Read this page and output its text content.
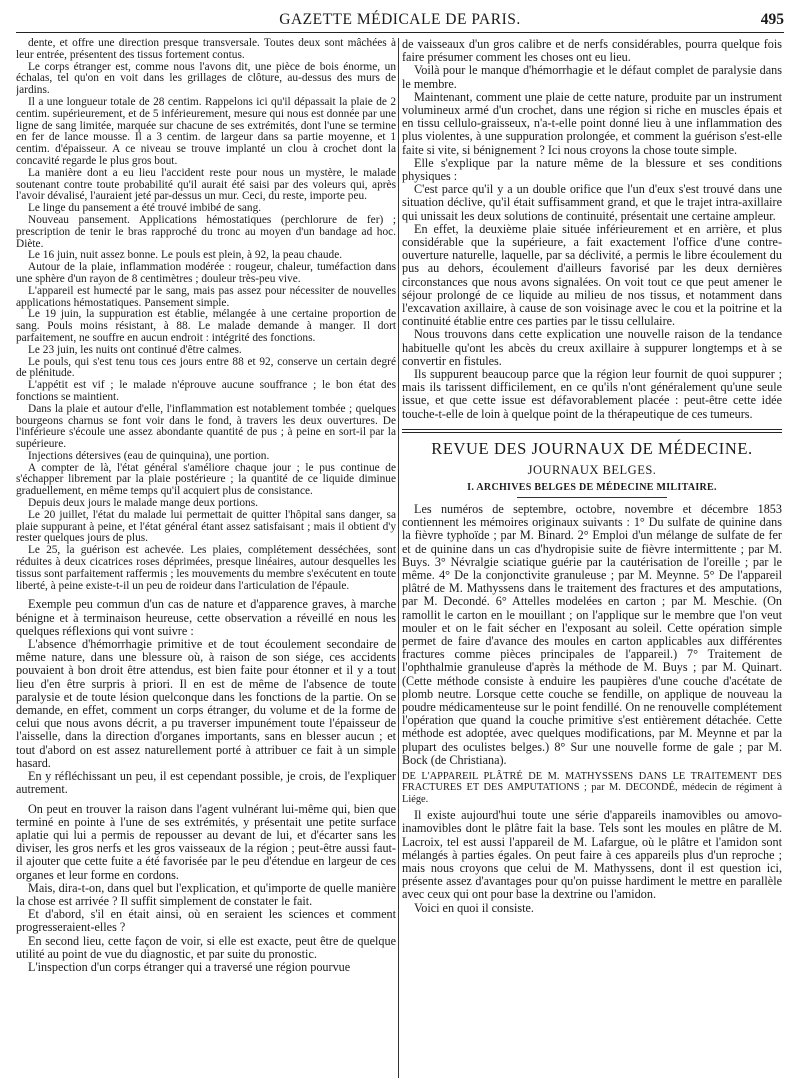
GAZETTE MÉDICALE DE PARIS.	495

dente, et offre une direction presque transversale. Toutes deux sont mâchées à leur entrée, présentent des tissus fortement contus.

Le corps étranger est, comme nous l'avons dit, une pièce de bois énorme, un échalas, tel qu'on en voit dans les grillages de clôture, au-dessus des murs de jardins.

Il a une longueur totale de 28 centim. Rappelons ici qu'il dépassait la plaie de 2 centim. supérieurement, et de 5 inférieurement, mesure qui nous est donnée par une ligne de sang limitée, marquée sur chacune de ses extrémités, dont l'une se termine en fer de lance mousse. Il a 3 centim. de largeur dans sa partie moyenne, et 1 centim. d'épaisseur. A ce niveau se trouve implanté un clou à crochet dont la concavité regarde le plus gros bout.

La manière dont a eu lieu l'accident reste pour nous un mystère, le malade soutenant contre toute probabilité qu'il aurait été saisi par des voleurs qui, après l'avoir dévalisé, l'auraient jeté par-dessus un mur. Ceci, du reste, importe peu.

Le linge du pansement a été trouvé imbibé de sang.

Nouveau pansement. Applications hémostatiques (perchlorure de fer) ; prescription de tenir le bras rapproché du tronc au moyen d'un bandage ad hoc. Diète.

Le 16 juin, nuit assez bonne. Le pouls est plein, à 92, la peau chaude.

Autour de la plaie, inflammation modérée : rougeur, chaleur, tuméfaction dans une sphère d'un rayon de 8 centimètres ; douleur très-peu vive.

L'appareil est humecté par le sang, mais pas assez pour nécessiter de nouvelles applications hémostatiques. Pansement simple.

Le 19 juin, la suppuration est établie, mélangée à une certaine proportion de sang. Pouls moins résistant, à 88. Le malade demande à manger. Il dort parfaitement, ne souffre en aucun endroit : intégrité des fonctions.

Le 23 juin, les nuits ont continué d'être calmes.

Le pouls, qui s'est tenu tous ces jours entre 88 et 92, conserve un certain degré de plénitude.

L'appétit est vif ; le malade n'éprouve aucune souffrance ; le bon état des fonctions se maintient.

Dans la plaie et autour d'elle, l'inflammation est notablement tombée ; quelques bourgeons charnus se font voir dans le fond, à travers les deux ouvertures. De l'inférieure s'écoule une assez abondante quantité de pus ; à peine en sort-il par la supérieure.

Injections détersives (eau de quinquina), une portion.

A compter de là, l'état général s'améliore chaque jour ; le pus continue de s'échapper librement par la plaie postérieure ; la quantité de ce liquide diminue graduellement, en même temps qu'il acquiert plus de consistance.

Depuis deux jours le malade mange deux portions.

Le 20 juillet, l'état du malade lui permettait de quitter l'hôpital sans danger, sa plaie suppurant à peine, et l'état général étant assez satisfaisant ; mais il obtient d'y rester quelques jours de plus.

Le 25, la guérison est achevée. Les plaies, complétement desséchées, sont réduites à deux cicatrices roses déprimées, presque linéaires, autour desquelles les tissus sont parfaitement raffermis ; les mouvements du membre s'exécutent en toute liberté, à peine existe-t-il un peu de roideur dans l'articulation de l'épaule.

Exemple peu commun d'un cas de nature et d'apparence graves, à marche bénigne et à terminaison heureuse, cette observation a réveillé en nous les quelques réflexions qui vont suivre :

L'absence d'hémorrhagie primitive et de tout écoulement secondaire de même nature, dans une blessure où, à raison de son siége, ces accidents pouvaient à bon droit être attendus, est bien faite pour étonner et il y a tout lieu d'en être surpris à priori. Il en est de même de l'absence de toute paralysie et de toute lésion quelconque dans les fonctions de la partie. On se demande, en effet, comment un corps étranger, du volume et de la forme de celui que nous avons décrit, a pu traverser impunément toute l'épaisseur de l'aisselle, dans la direction d'organes importants, sans en blesser aucun ; et tout d'abord on est assez naturellement porté à attribuer ce fait à un simple hasard.

En y réfléchissant un peu, il est cependant possible, je crois, de l'expliquer autrement.

On peut en trouver la raison dans l'agent vulnérant lui-même qui, bien que terminé en pointe à l'une de ses extrémités, y présentait une petite surface aplatie qui lui a permis de repousser au devant de lui, et d'écarter sans les diviser, les gros nerfs et les gros vaisseaux de la région ; peut-être aussi faut-il ajouter que cette fuite a été favorisée par le peu d'étendue en largeur de ces organes et leur forme en cordons.

Mais, dira-t-on, dans quel but l'explication, et qu'importe de quelle manière la chose est arrivée ? Il suffit simplement de constater le fait.

Et d'abord, s'il en était ainsi, où en seraient les sciences et comment progresseraient-elles ?

En second lieu, cette façon de voir, si elle est exacte, peut être de quelque utilité au point de vue du diagnostic, et par suite du pronostic.

L'inspection d'un corps étranger qui a traversé une région pourvue

de vaisseaux d'un gros calibre et de nerfs considérables, pourra quelque fois faire présumer comment les choses ont eu lieu.

Voilà pour le manque d'hémorrhagie et le défaut complet de paralysie dans le membre.

Maintenant, comment une plaie de cette nature, produite par un instrument volumineux armé d'un crochet, dans une région si riche en muscles épais et en tissu cellulo-graisseux, n'a-t-elle point donné lieu à une inflammation des plus violentes, à une suppuration prolongée, et comment la guérison s'est-elle faite si vite, si bénignement ? Ici nous croyons la chose toute simple.

Elle s'explique par la nature même de la blessure et ses conditions physiques :

C'est parce qu'il y a un double orifice que l'un d'eux s'est trouvé dans une situation déclive, qu'il était suffisamment grand, et que le trajet intra-axillaire qui unissait les deux solutions de continuité, présentait une certaine ampleur.

En effet, la deuxième plaie située inférieurement et en arrière, et plus considérable que la supérieure, a fait exactement l'office d'une contre-ouverture naturelle, laquelle, par sa déclivité, a permis le libre écoulement du pus au dehors, écoulement d'ailleurs favorisé par les deux dernières circonstances que nous avons signalées. On voit tout ce que peut amener le séjour prolongé de ce liquide au milieu de nos tissus, et notamment dans l'excavation axillaire, à cause de son voisinage avec le cou et la poitrine et la continuité établie entre ces parties par le tissu cellulaire.

Nous trouvons dans cette explication une nouvelle raison de la tendance habituelle qu'ont les abcès du creux axillaire à suppurer longtemps et à se convertir en fistules.

Ils suppurent beaucoup parce que la région leur fournit de quoi suppurer ; mais ils tarissent difficilement, en ce qu'ils n'ont généralement qu'une seule issue, et que cette issue est défavorablement placée : peut-être cette idée touche-t-elle de loin à quelque point de la thérapeutique de ces tumeurs.

REVUE DES JOURNAUX DE MÉDECINE.
JOURNAUX BELGES.
I. ARCHIVES BELGES DE MÉDECINE MILITAIRE.

Les numéros de septembre, octobre, novembre et décembre 1853 contiennent les mémoires originaux suivants : 1° Du sulfate de quinine dans la fièvre typhoïde ; par M. Binard. 2° Emploi d'un mélange de sulfate de fer et de quinine dans un cas d'hydropisie suite de fièvre intermittente ; par M. Buys. 3° Névralgie sciatique guérie par la cautérisation de l'oreille ; par le même. 4° De la conjonctivite granuleuse ; par M. Meynne. 5° De l'appareil plâtré de M. Mathyssens dans le traitement des fractures et des amputations, par M. Decondé. 6° Attelles modelées en carton ; par M. Meschie. (On ramollit le carton en le mouillant ; on l'applique sur le membre que l'on veut mouler et on le fait sécher en l'exposant au soleil. Cette opération simple permet de faire d'avance des moules en carton applicables aux différentes fractures comme pièces principales de l'appareil.) 7° Traitement de l'ophthalmie granuleuse d'après la méthode de M. Buys ; par M. Quinart. (Cette méthode consiste à enduire les paupières d'une couche d'acétate de plomb neutre. Lorsque cette couche se fendille, on applique de nouveau la poudre médicamenteuse sur le point fendillé. On ne renouvelle complétement l'opération que quand la couche primitive s'est entièrement détachée. Cette méthode est adoptée, avec quelques modifications, par M. Meynne et par la plupart des oculistes belges.) 8° Sur une nouvelle forme de gale ; par M. Bock (de Christiana).

DE L'APPAREIL PLÂTRÉ DE M. MATHYSSENS DANS LE TRAITEMENT DES FRACTURES ET DES AMPUTATIONS ; par M. DECONDÉ, médecin de régiment à Liége.

Il existe aujourd'hui toute une série d'appareils inamovibles ou amovo-inamovibles dont le plâtre fait la base. Tels sont les moules en plâtre de M. Lacroix, tel est aussi l'appareil de M. Lafargue, où le plâtre et l'amidon sont mélangés à parties égales. On peut faire à ces appareils plus d'un reproche ; mais nous croyons que celui de M. Mathyssens, dont il est question ici, présente assez d'avantages pour qu'on puisse hardiment le mettre en parallèle avec ceux qui ont pour base la dextrine ou l'amidon.

Voici en quoi il consiste.
